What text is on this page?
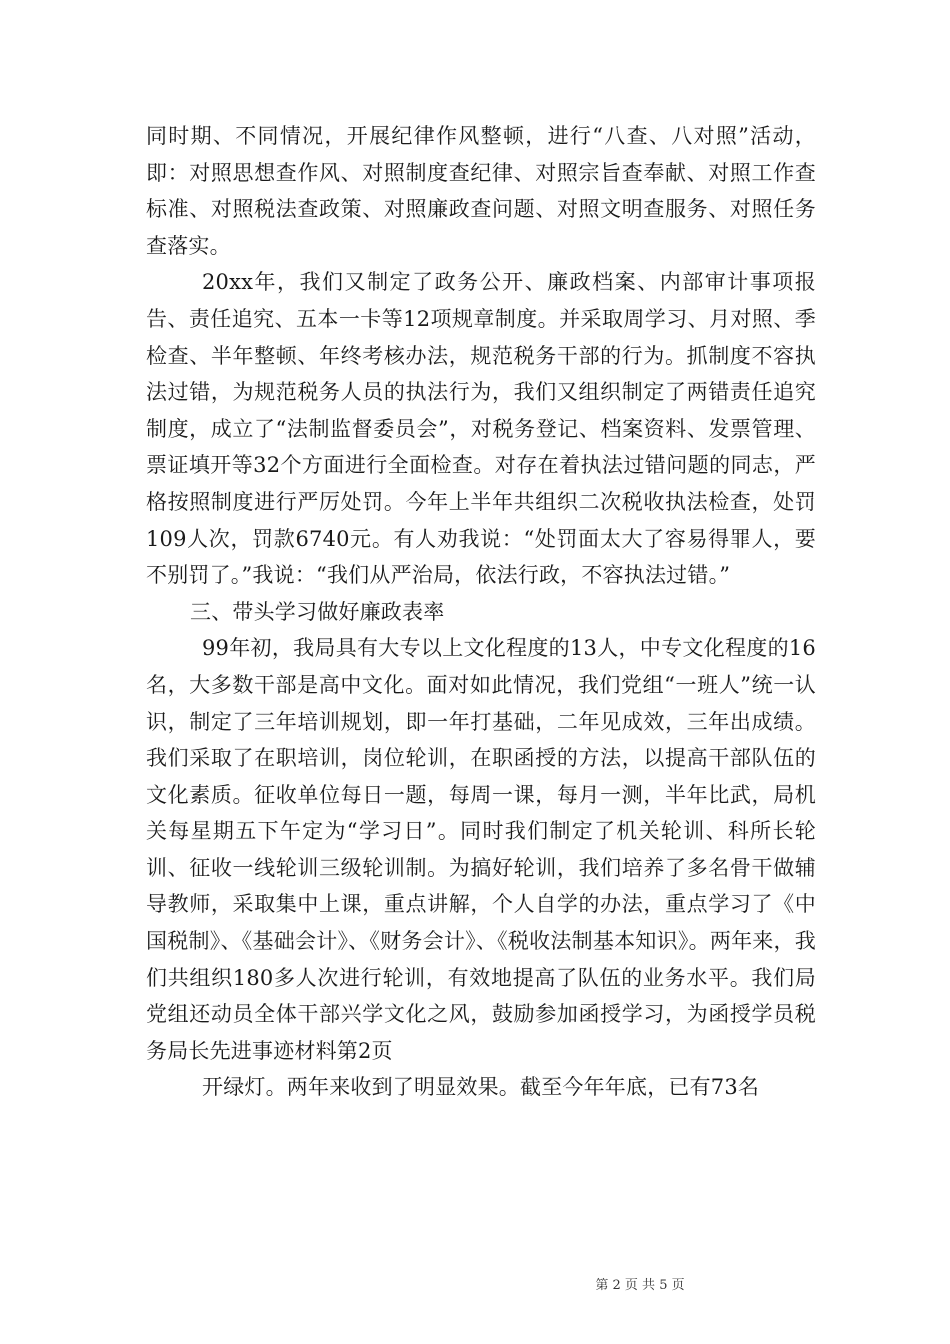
同时期、不同情况，开展纪律作风整顿，进行“八查、八对照”活动，即：对照思想查作风、对照制度查纪律、对照宗旨查奉献、对照工作查标准、对照税法查政策、对照廉政查问题、对照文明查服务、对照任务查落实。

20xx年，我们又制定了政务公开、廉政档案、内部审计事项报告、责任追究、五本一卡等12项规章制度。并采取周学习、月对照、季检查、半年整顿、年终考核办法，规范税务干部的行为。抓制度不容执法过错，为规范税务人员的执法行为，我们又组织制定了两错责任追究制度，成立了“法制监督委员会”，对税务登记、档案资料、发票管理、票证填开等32个方面进行全面检查。对存在着执法过错问题的同志，严格按照制度进行严厉处罚。今年上半年共组织二次税收执法检查，处罚109人次，罚款6740元。有人劝我说：“处罚面太大了容易得罪人，要不别罚了。”我说：“我们从严治局，依法行政，不容执法过错。”

三、带头学习做好廉政表率

99年初，我局具有大专以上文化程度的13人，中专文化程度的16名，大多数干部是高中文化。面对如此情况，我们党组“一班人”统一认识，制定了三年培训规划，即一年打基础，二年见成效，三年出成绩。我们采取了在职培训，岗位轮训，在职函授的方法，以提高干部队伍的文化素质。征收单位每日一题，每周一课，每月一测，半年比武，局机关每星期五下午定为“学习日”。同时我们制定了机关轮训、科所长轮训、征收一线轮训三级轮训制。为搞好轮训，我们培养了多名骨干做辅导教师，采取集中上课，重点讲解，个人自学的办法，重点学习了《中国税制》、《基础会计》、《财务会计》、《税收法制基本知识》。两年来，我们共组织180多人次进行轮训，有效地提高了队伍的业务水平。我们局党组还动员全体干部兴学文化之风，鼓励参加函授学习，为函授学员税务局长先进事迹材料第2页

开绿灯。两年来收到了明显效果。截至今年年底，已有73名

第 2 页 共 5 页
